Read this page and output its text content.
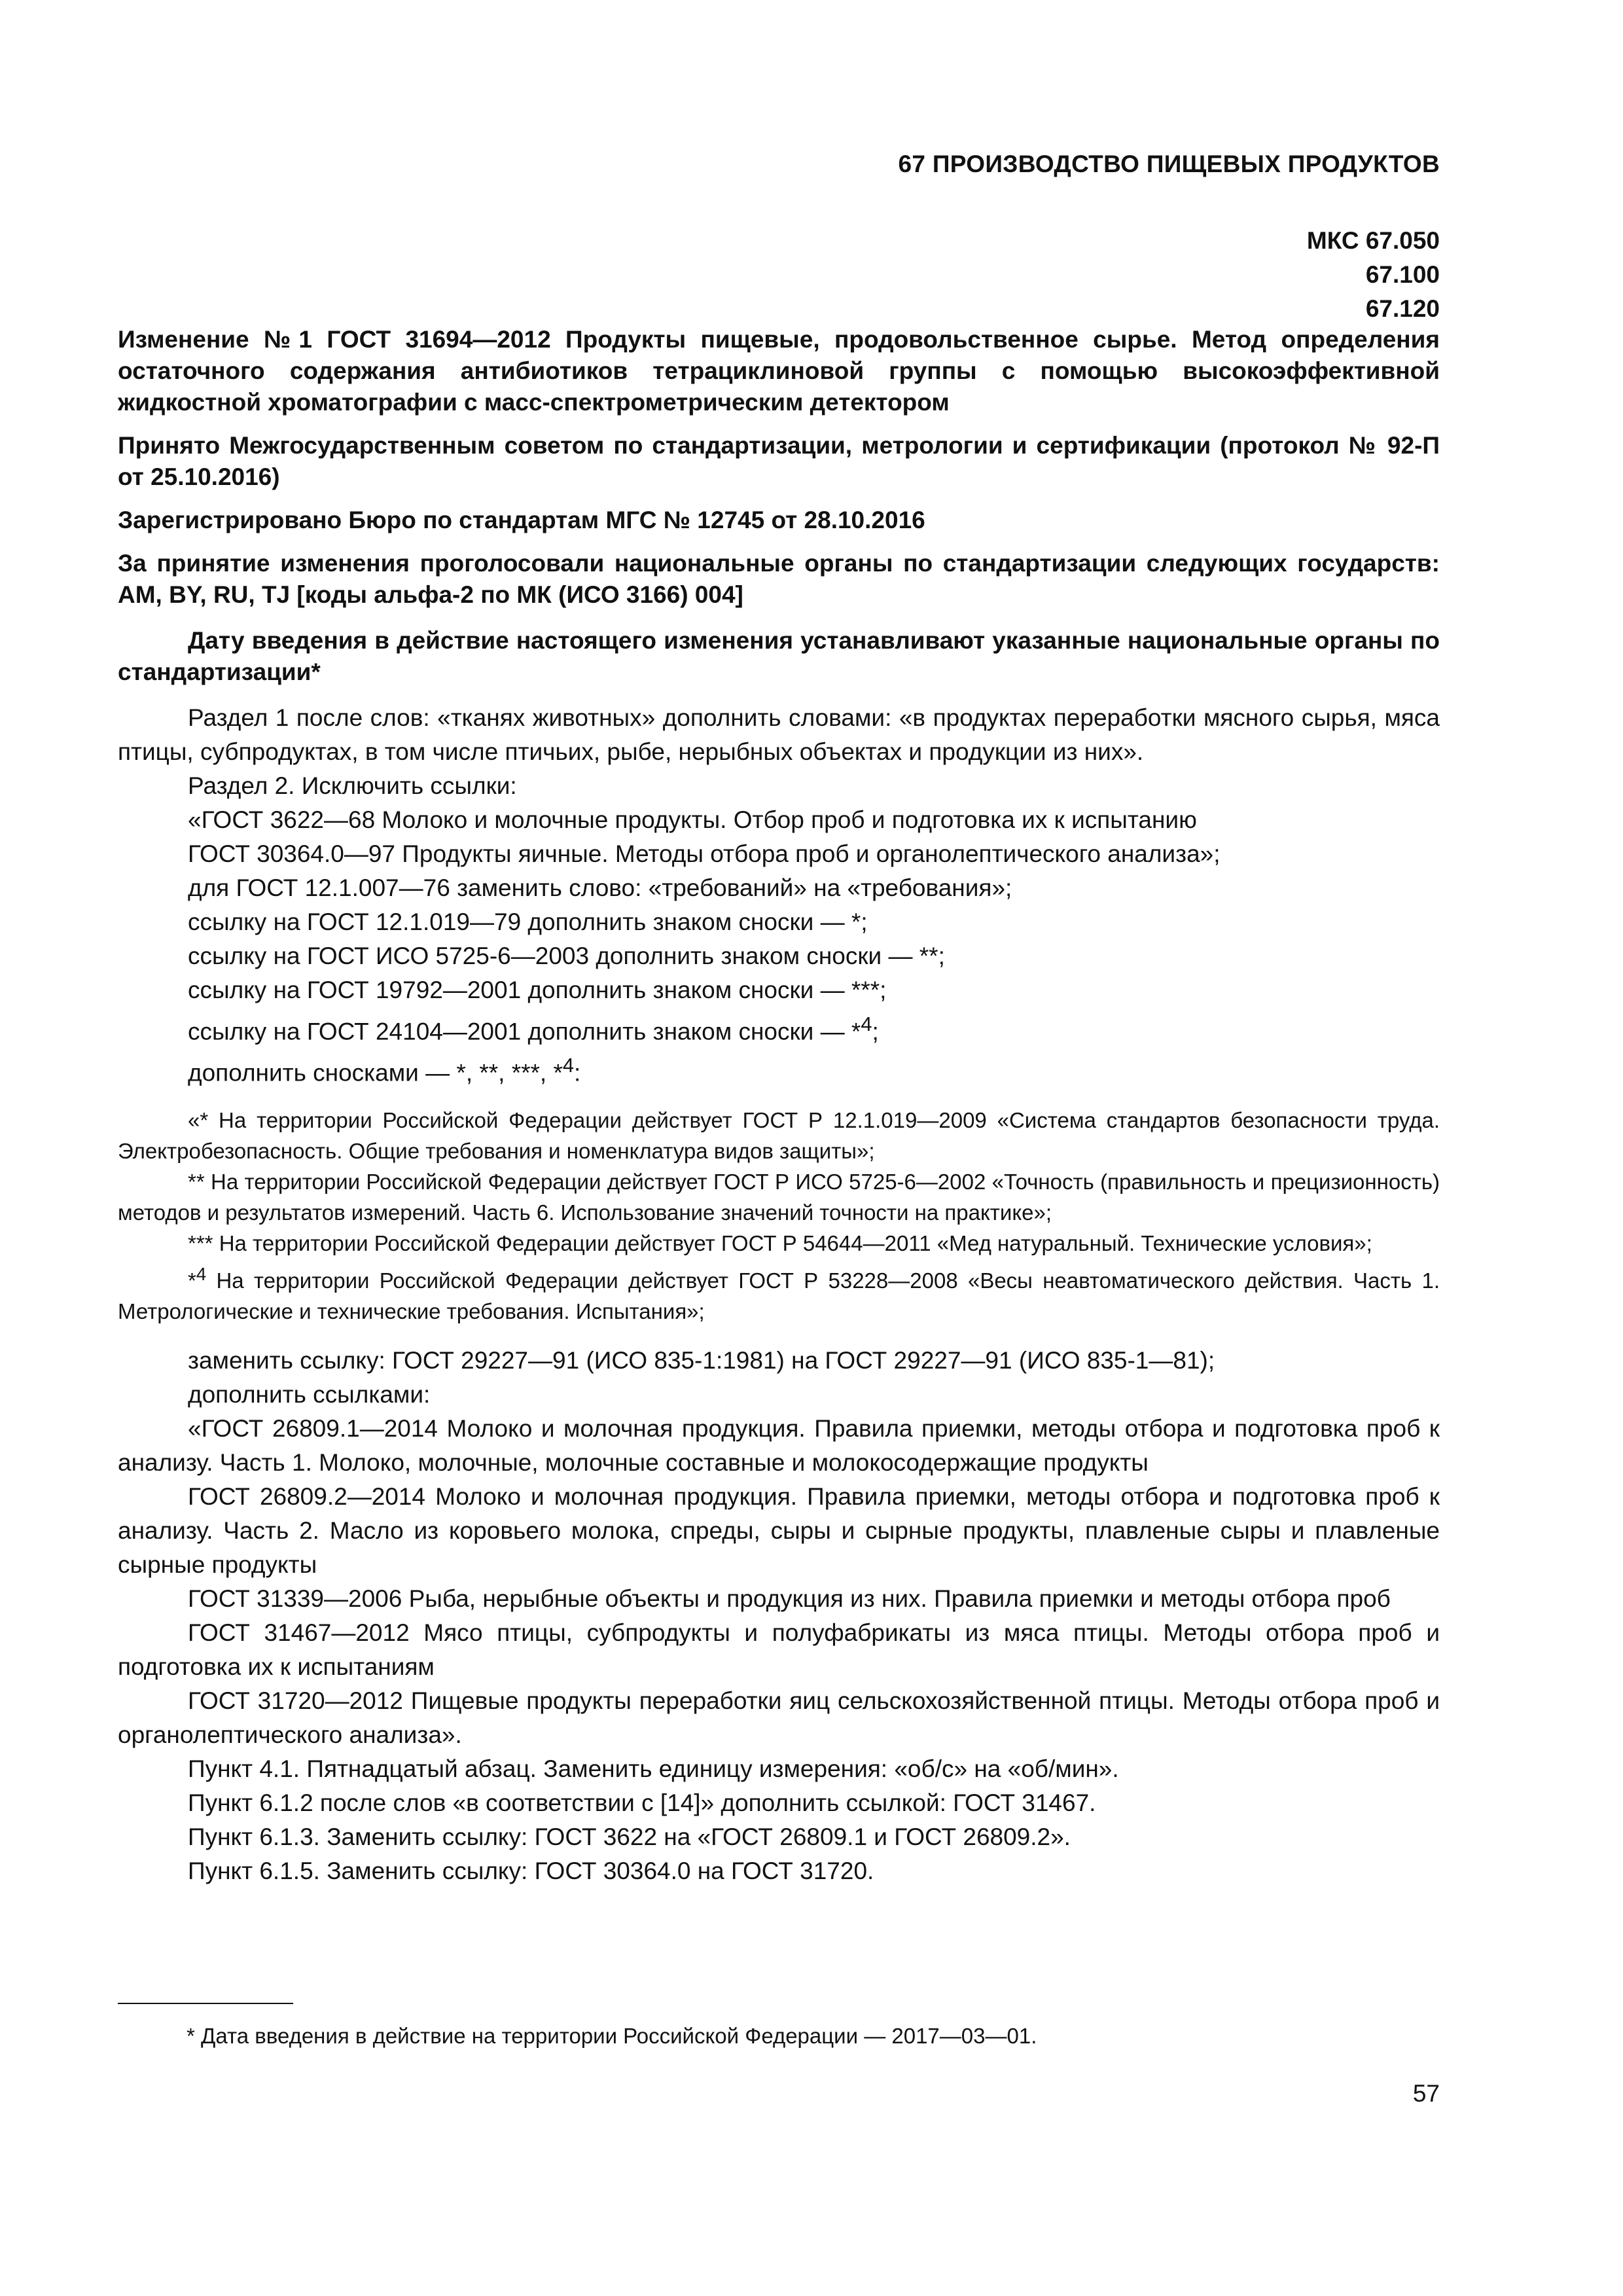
67 ПРОИЗВОДСТВО ПИЩЕВЫХ ПРОДУКТОВ
МКС 67.050
67.100
67.120

Изменение №1 ГОСТ 31694—2012 Продукты пищевые, продовольственное сырье. Метод определения остаточного содержания антибиотиков тетрациклиновой группы с помощью высокоэффективной жидкостной хроматографии с масс-спектрометрическим детектором

Принято Межгосударственным советом по стандартизации, метрологии и сертификации (протокол № 92-П от 25.10.2016)

Зарегистрировано Бюро по стандартам МГС № 12745 от 28.10.2016

За принятие изменения проголосовали национальные органы по стандартизации следующих государств: AM, BY, RU, TJ [коды альфа-2 по МК (ИСО 3166) 004]

Дату введения в действие настоящего изменения устанавливают указанные национальные органы по стандартизации*

Раздел 1 после слов: «тканях животных» дополнить словами: «в продуктах переработки мясного сырья, мяса птицы, субпродуктах, в том числе птичьих, рыбе, нерыбных объектах и продукции из них».

Раздел 2. Исключить ссылки:

«ГОСТ 3622—68 Молоко и молочные продукты. Отбор проб и подготовка их к испытанию

ГОСТ 30364.0—97 Продукты яичные. Методы отбора проб и органолептического анализа»;

для ГОСТ 12.1.007—76 заменить слово: «требований» на «требования»;

ссылку на ГОСТ 12.1.019—79 дополнить знаком сноски — *;

ссылку на ГОСТ ИСО 5725-6—2003 дополнить знаком сноски — **;

ссылку на ГОСТ 19792—2001 дополнить знаком сноски — ***;

ссылку на ГОСТ 24104—2001 дополнить знаком сноски — *$^4$;

дополнить сносками — *, **, ***, *$^4$:

«* На территории Российской Федерации действует ГОСТ Р 12.1.019—2009 «Система стандартов безопасности труда. Электробезопасность. Общие требования и номенклатура видов защиты»;

** На территории Российской Федерации действует ГОСТ Р ИСО 5725-6—2002 «Точность (правильность и прецизионность) методов и результатов измерений. Часть 6. Использование значений точности на практике»;

*** На территории Российской Федерации действует ГОСТ Р 54644—2011 «Мед натуральный. Технические условия»;

*$^4$ На территории Российской Федерации действует ГОСТ Р 53228—2008 «Весы неавтоматического действия. Часть 1. Метрологические и технические требования. Испытания»;

заменить ссылку: ГОСТ 29227—91 (ИСО 835-1:1981) на ГОСТ 29227—91 (ИСО 835-1—81);

дополнить ссылками:

«ГОСТ 26809.1—2014 Молоко и молочная продукция. Правила приемки, методы отбора и подготовка проб к анализу. Часть 1. Молоко, молочные, молочные составные и молокосодержащие продукты

ГОСТ 26809.2—2014 Молоко и молочная продукция. Правила приемки, методы отбора и подготовка проб к анализу. Часть 2. Масло из коровьего молока, спреды, сыры и сырные продукты, плавленые сыры и плавленые сырные продукты

ГОСТ 31339—2006 Рыба, нерыбные объекты и продукция из них. Правила приемки и методы отбора проб

ГОСТ 31467—2012 Мясо птицы, субпродукты и полуфабрикаты из мяса птицы. Методы отбора проб и подготовка их к испытаниям

ГОСТ 31720—2012 Пищевые продукты переработки яиц сельскохозяйственной птицы. Методы отбора проб и органолептического анализа».

Пункт 4.1. Пятнадцатый абзац. Заменить единицу измерения: «об/с» на «об/мин».

Пункт 6.1.2 после слов «в соответствии с [14]» дополнить ссылкой: ГОСТ 31467.

Пункт 6.1.3. Заменить ссылку: ГОСТ 3622 на «ГОСТ 26809.1 и ГОСТ 26809.2».

Пункт 6.1.5. Заменить ссылку: ГОСТ 30364.0 на ГОСТ 31720.

* Дата введения в действие на территории Российской Федерации — 2017—03—01.
57
